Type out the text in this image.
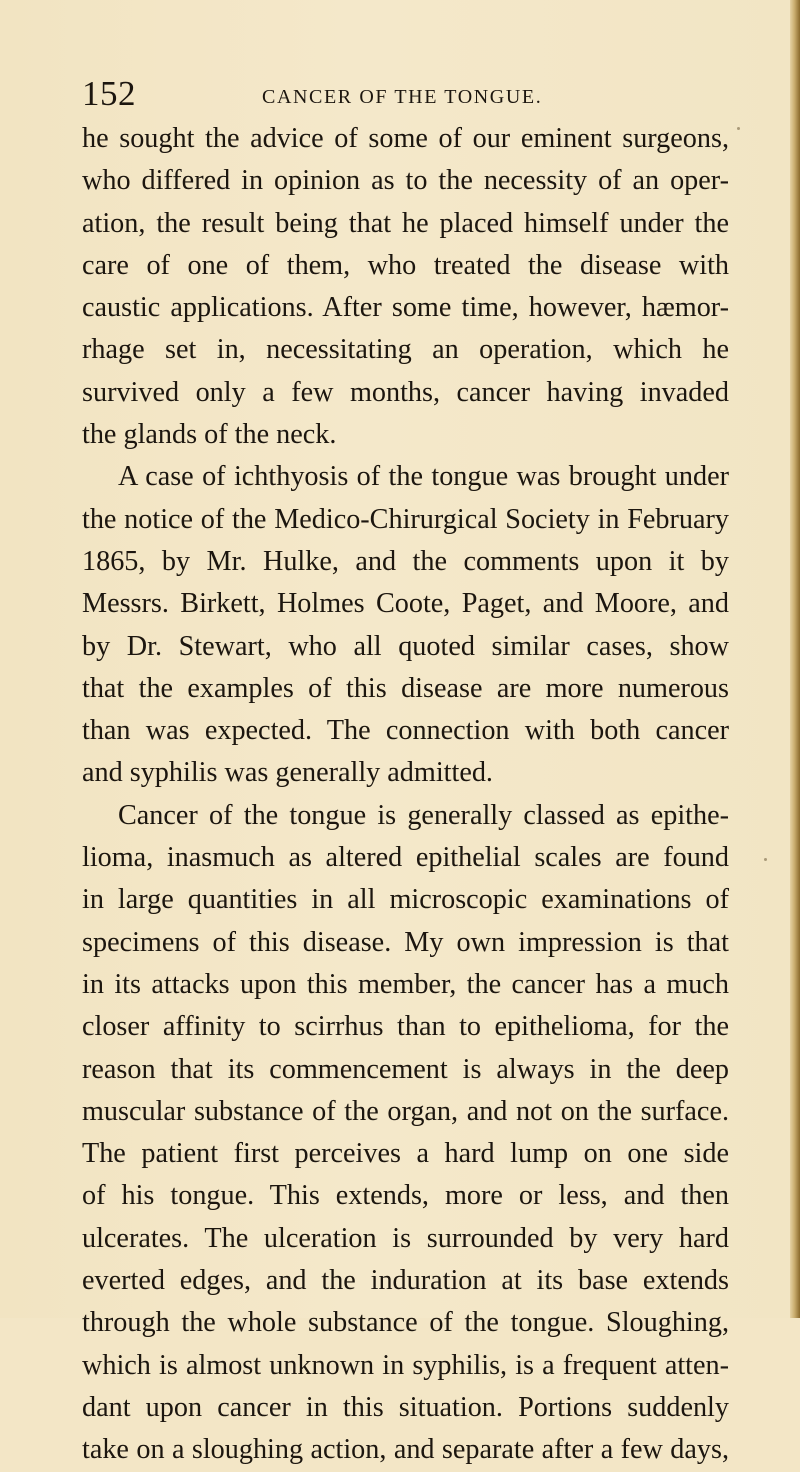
152	CANCER OF THE TONGUE.
he sought the advice of some of our eminent surgeons,
who differed in opinion as to the necessity of an oper-
ation, the result being that he placed himself under the
care of one of them, who treated the disease with
caustic applications. After some time, however, hæmor-
rhage set in, necessitating an operation, which he
survived only a few months, cancer having invaded
the glands of the neck.
A case of ichthyosis of the tongue was brought under
the notice of the Medico-Chirurgical Society in February
1865, by Mr. Hulke, and the comments upon it by
Messrs. Birkett, Holmes Coote, Paget, and Moore, and
by Dr. Stewart, who all quoted similar cases, show
that the examples of this disease are more numerous
than was expected. The connection with both cancer
and syphilis was generally admitted.
Cancer of the tongue is generally classed as epithe-
lioma, inasmuch as altered epithelial scales are found
in large quantities in all microscopic examinations of
specimens of this disease. My own impression is that
in its attacks upon this member, the cancer has a much
closer affinity to scirrhus than to epithelioma, for the
reason that its commencement is always in the deep
muscular substance of the organ, and not on the surface.
The patient first perceives a hard lump on one side
of his tongue. This extends, more or less, and then
ulcerates. The ulceration is surrounded by very hard
everted edges, and the induration at its base extends
through the whole substance of the tongue. Sloughing,
which is almost unknown in syphilis, is a frequent atten-
dant upon cancer in this situation. Portions suddenly
take on a sloughing action, and separate after a few days,
